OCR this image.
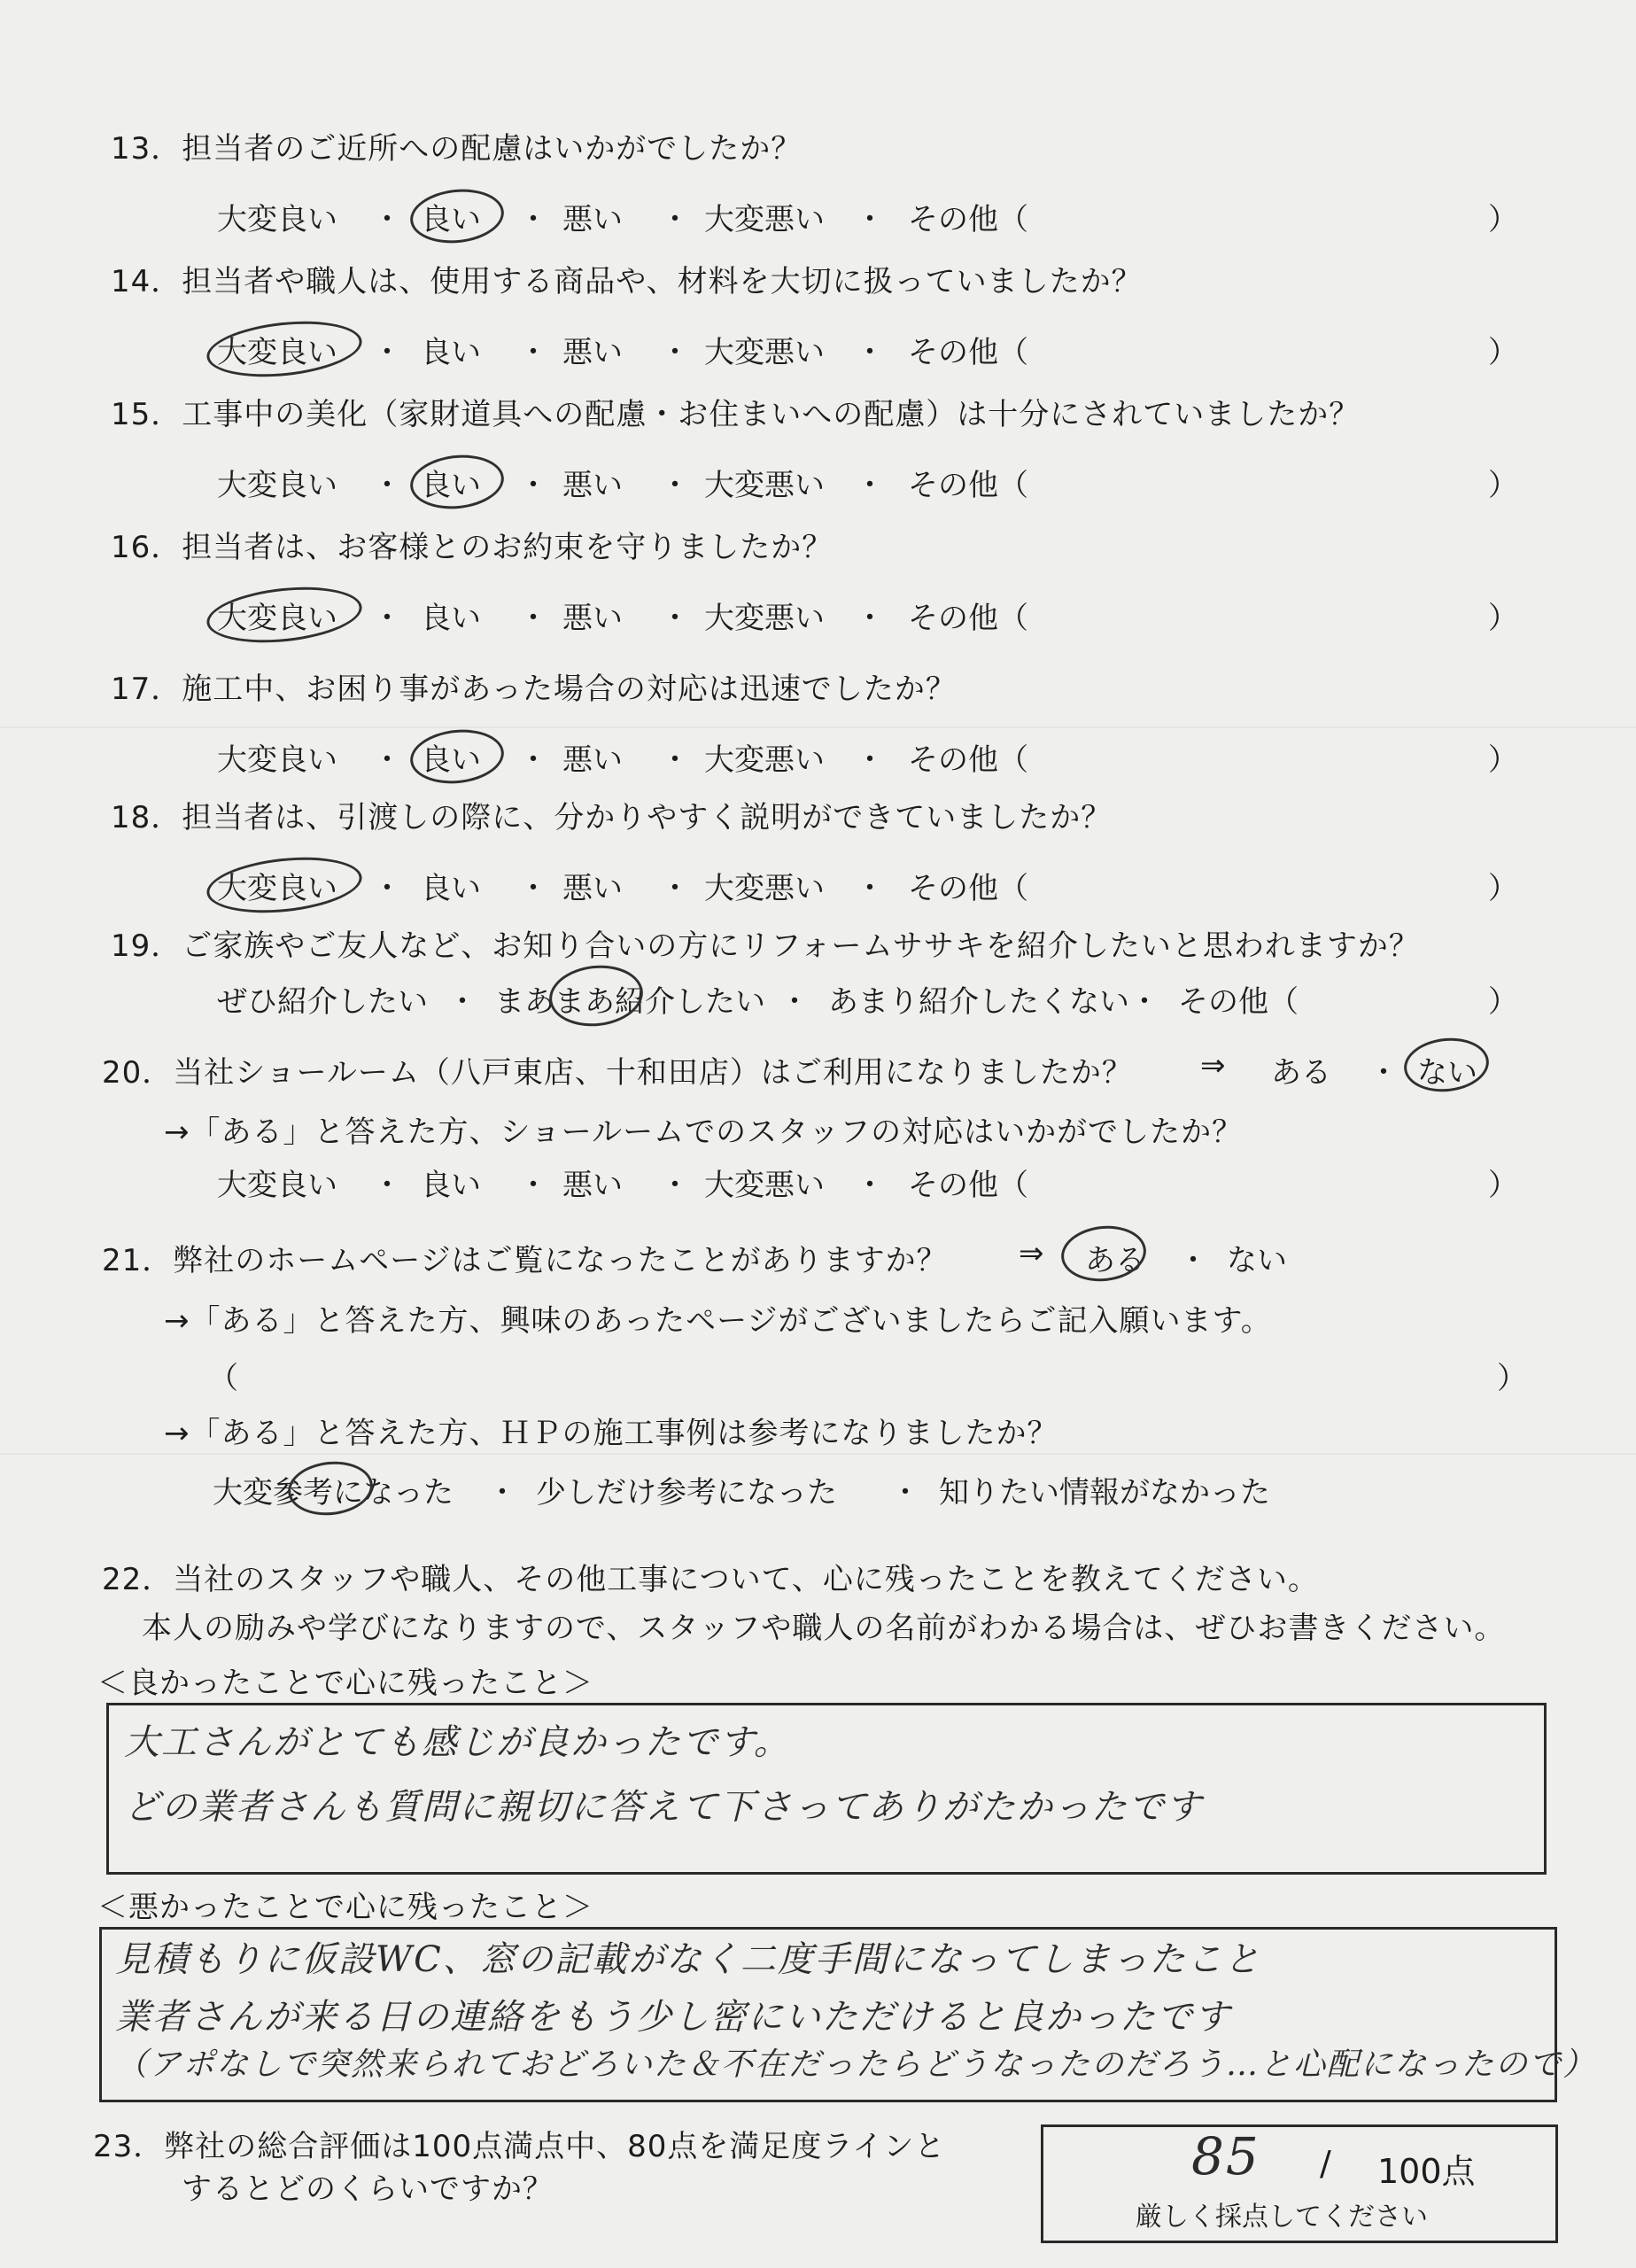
13．担当者のご近所への配慮はいかがでしたか？
大変良い ・ 良い ・ 悪い ・ 大変悪い ・ その他（	）
14．担当者や職人は、使用する商品や、材料を大切に扱っていましたか？
大変良い ・ 良い ・ 悪い ・ 大変悪い ・ その他（	）
15．工事中の美化（家財道具への配慮・お住まいへの配慮）は十分にされていましたか？
大変良い ・ 良い ・ 悪い ・ 大変悪い ・ その他（	）
16．担当者は、お客様とのお約束を守りましたか？
大変良い ・ 良い ・ 悪い ・ 大変悪い ・ その他（	）
17．施工中、お困り事があった場合の対応は迅速でしたか？
大変良い ・ 良い ・ 悪い ・ 大変悪い ・ その他（	）
18．担当者は、引渡しの際に、分かりやすく説明ができていましたか？
大変良い ・ 良い ・ 悪い ・ 大変悪い ・ その他（	）
19．ご家族やご友人など、お知り合いの方にリフォームササキを紹介したいと思われますか？
ぜひ紹介したい ・ まあまあ紹介したい ・ あまり紹介したくない ・ その他（	）
20．当社ショールーム（八戸東店、十和田店）はご利用になりましたか？ ⇒ ある ・ ない
→「ある」と答えた方、ショールームでのスタッフの対応はいかがでしたか？
大変良い ・ 良い ・ 悪い ・ 大変悪い ・ その他（	）
21．弊社のホームページはご覧になったことがありますか？ ⇒ ある ・ ない
→「ある」と答えた方、興味のあったページがございましたらご記入願います。
（	）
→「ある」と答えた方、ＨＰの施工事例は参考になりましたか？
大変参考になった ・ 少しだけ参考になった ・ 知りたい情報がなかった
22．当社のスタッフや職人、その他工事について、心に残ったことを教えてください。
本人の励みや学びになりますので、スタッフや職人の名前がわかる場合は、ぜひお書きください。
＜良かったことで心に残ったこと＞
大工さんがとても感じが良かったです。
どの業者さんも質問に親切に答えて下さってありがたかったです
＜悪かったことで心に残ったこと＞
見積もりに仮設WC、窓の記載がなく二度手間になってしまったこと
業者さんが来る日の連絡をもう少し密にいただけると良かったです
（アポなしで突然来られておどろいた＆不在だったらどうなったのだろう…と心配になったので）
23．弊社の総合評価は100点満点中、80点を満足度ラインと
するとどのくらいですか？
85 / 100点
厳しく採点してください
